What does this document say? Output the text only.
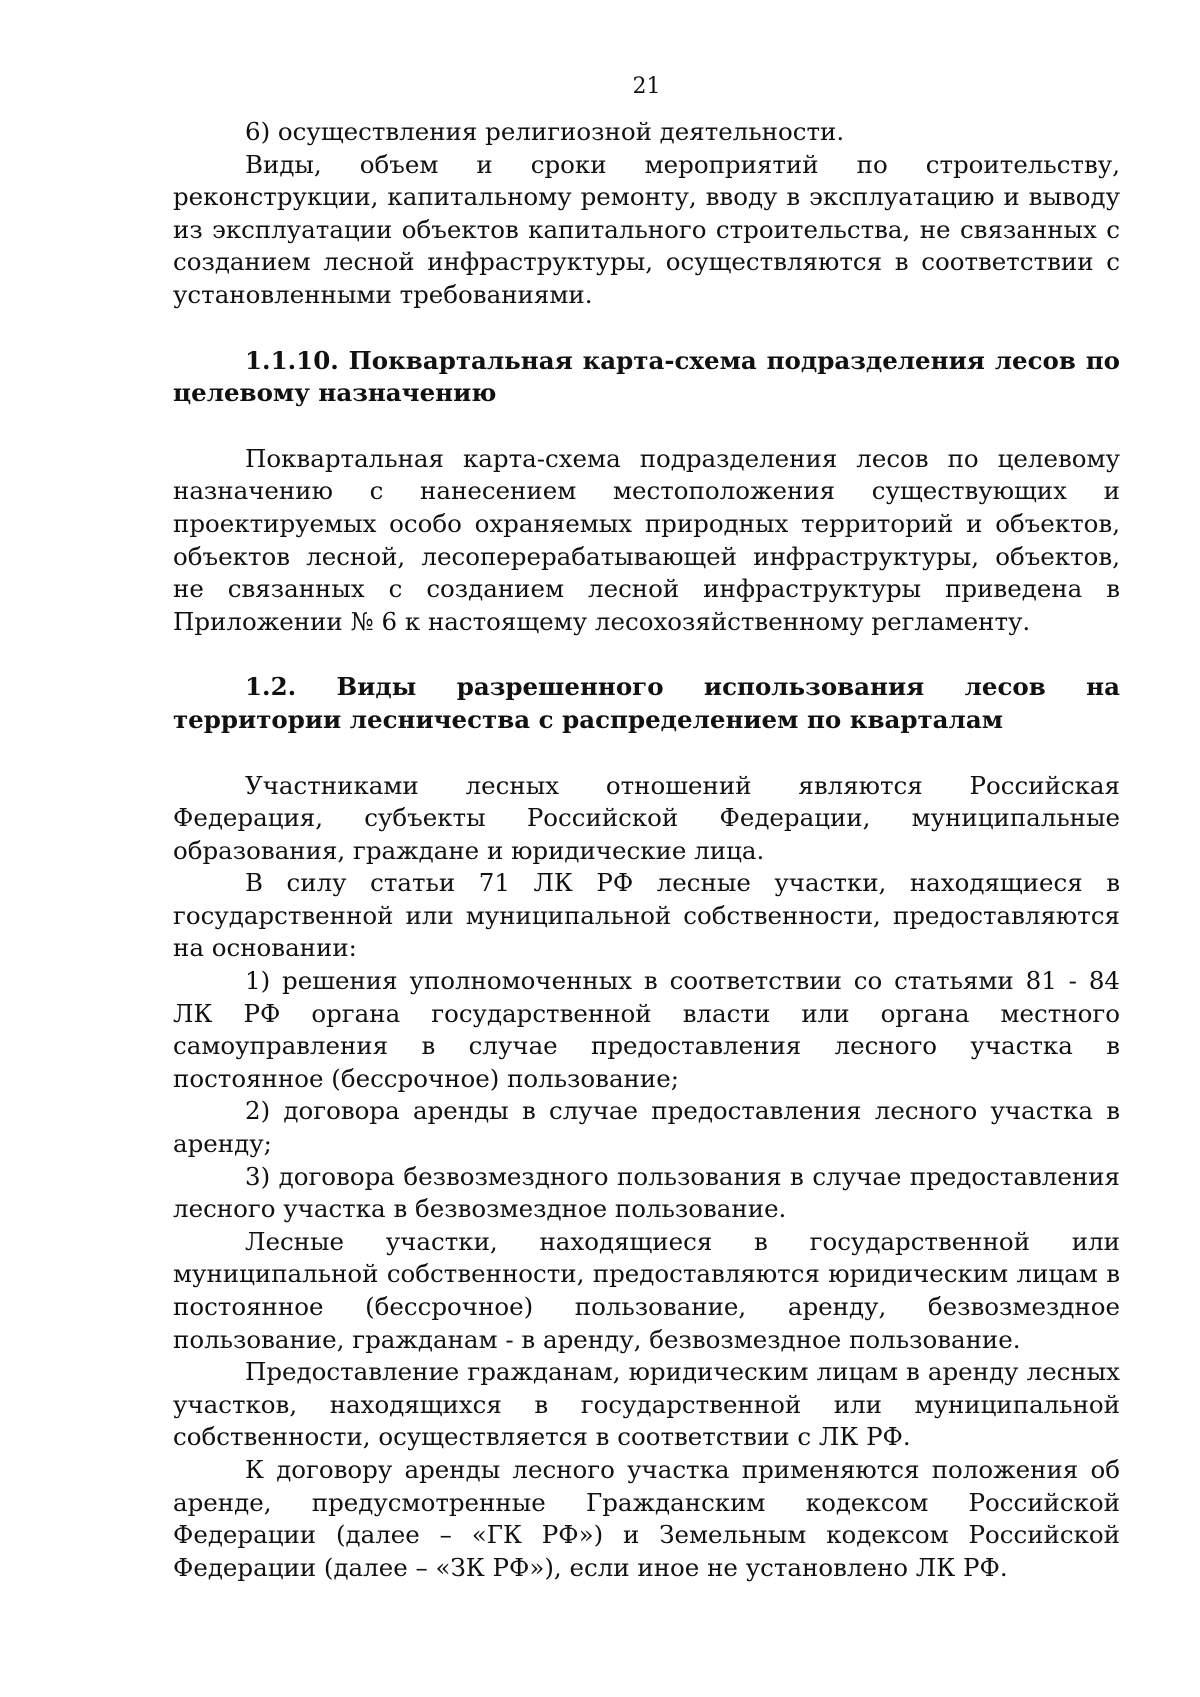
21

6) осуществления религиозной деятельности.

Виды, объем и сроки мероприятий по строительству, реконструкции, капитальному ремонту, вводу в эксплуатацию и выводу из эксплуатации объектов капитального строительства, не связанных с созданием лесной инфраструктуры, осуществляются в соответствии с установленными требованиями.

1.1.10. Поквартальная карта-схема подразделения лесов по целевому назначению

Поквартальная карта-схема подразделения лесов по целевому назначению с нанесением местоположения существующих и проектируемых особо охраняемых природных территорий и объектов, объектов лесной, лесоперерабатывающей инфраструктуры, объектов, не связанных с созданием лесной инфраструктуры приведена в Приложении № 6 к настоящему лесохозяйственному регламенту.

1.2. Виды разрешенного использования лесов на территории лесничества с распределением по кварталам

Участниками лесных отношений являются Российская Федерация, субъекты Российской Федерации, муниципальные образования, граждане и юридические лица.

В силу статьи 71 ЛК РФ лесные участки, находящиеся в государственной или муниципальной собственности, предоставляются на основании:

1) решения уполномоченных в соответствии со статьями 81 - 84 ЛК РФ органа государственной власти или органа местного самоуправления в случае предоставления лесного участка в постоянное (бессрочное) пользование;

2) договора аренды в случае предоставления лесного участка в аренду;

3) договора безвозмездного пользования в случае предоставления лесного участка в безвозмездное пользование.

Лесные участки, находящиеся в государственной или муниципальной собственности, предоставляются юридическим лицам в постоянное (бессрочное) пользование, аренду, безвозмездное пользование, гражданам - в аренду, безвозмездное пользование.

Предоставление гражданам, юридическим лицам в аренду лесных участков, находящихся в государственной или муниципальной собственности, осуществляется в соответствии с ЛК РФ.

К договору аренды лесного участка применяются положения об аренде, предусмотренные Гражданским кодексом Российской Федерации (далее – «ГК РФ») и Земельным кодексом Российской Федерации (далее – «ЗК РФ»), если иное не установлено ЛК РФ.
